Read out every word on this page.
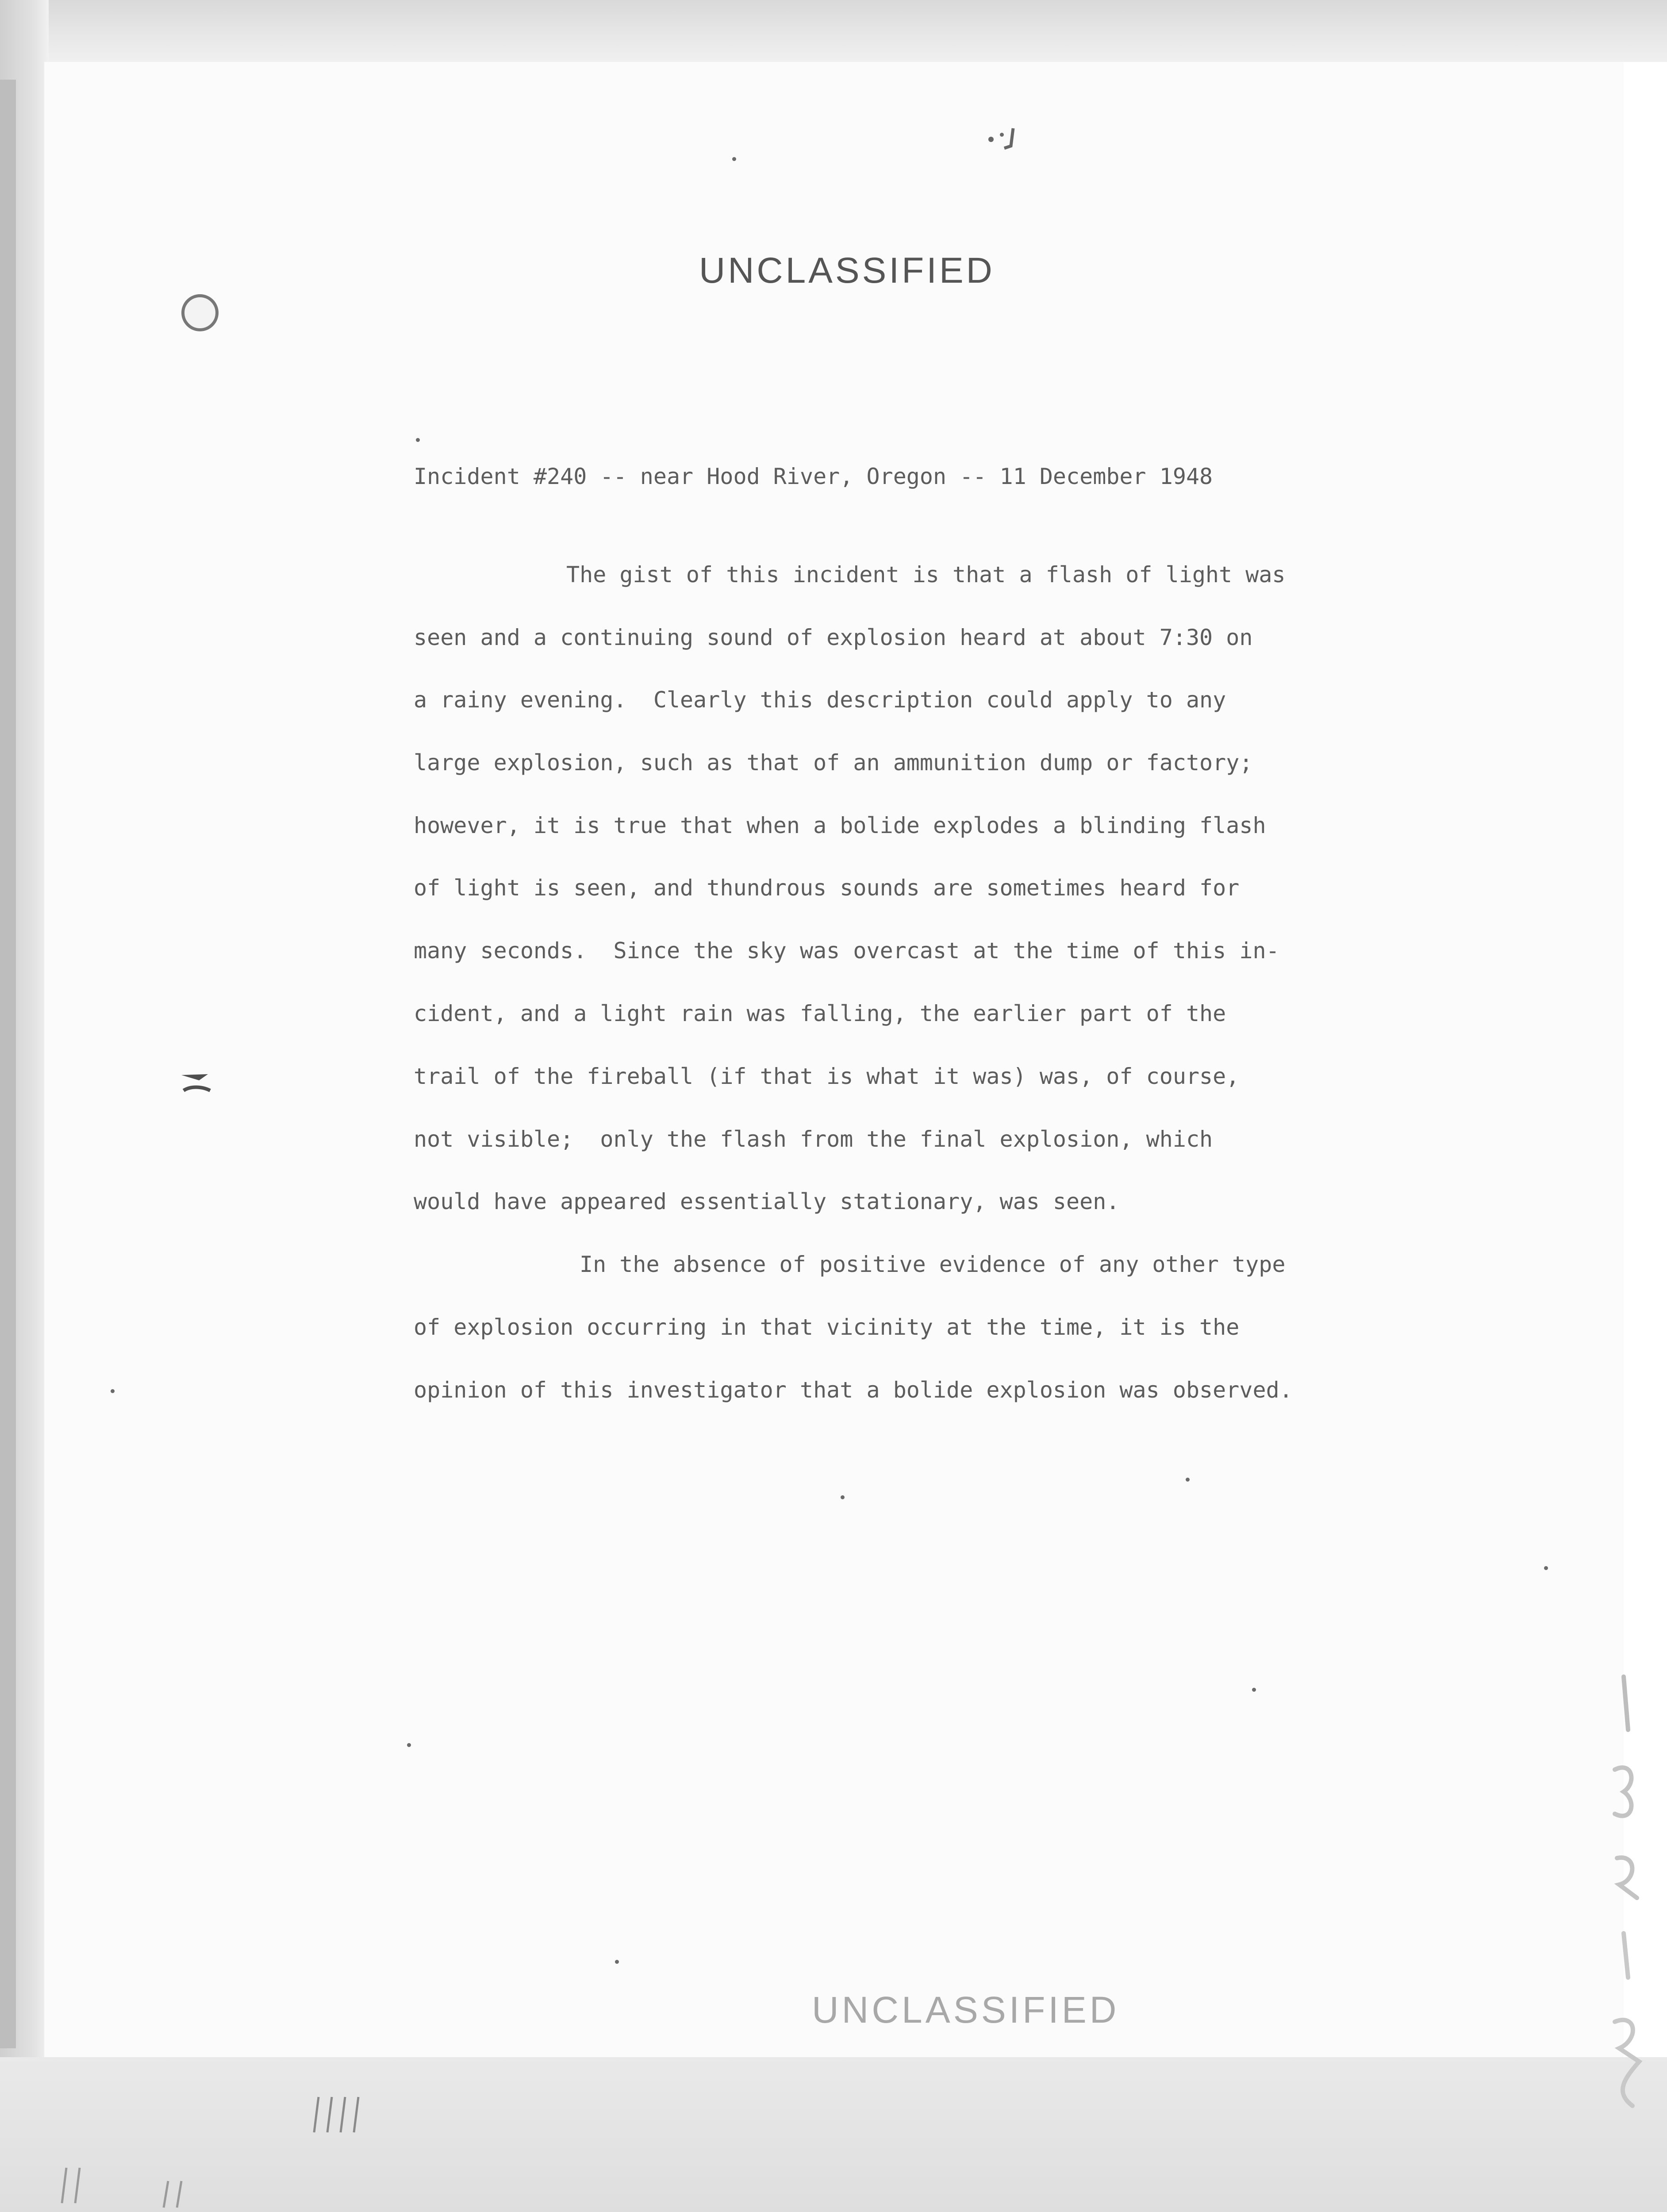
UNCLASSIFIED
Incident #240 -- near Hood River, Oregon -- 11 December 1948
The gist of this incident is that a flash of light was
seen and a continuing sound of explosion heard at about 7:30 on
a rainy evening.  Clearly this description could apply to any
large explosion, such as that of an ammunition dump or factory;
however, it is true that when a bolide explodes a blinding flash
of light is seen, and thundrous sounds are sometimes heard for
many seconds.  Since the sky was overcast at the time of this in-
cident, and a light rain was falling, the earlier part of the
trail of the fireball (if that is what it was) was, of course,
not visible;  only the flash from the final explosion, which
would have appeared essentially stationary, was seen.
In the absence of positive evidence of any other type
of explosion occurring in that vicinity at the time, it is the
opinion of this investigator that a bolide explosion was observed.
UNCLASSIFIED
